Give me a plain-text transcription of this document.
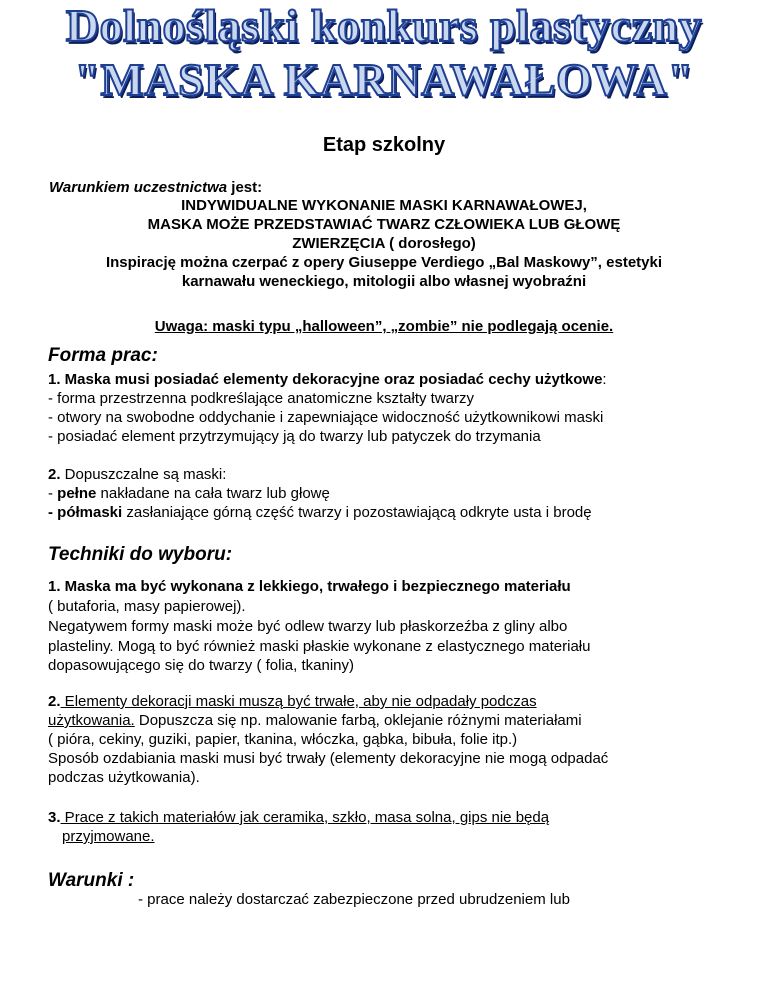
Dolnośląski konkurs plastyczny
"MASKA KARNAWAŁOWA"
Etap szkolny
Warunkiem uczestnictwa jest:
INDYWIDUALNE WYKONANIE MASKI KARNAWAŁOWEJ,
MASKA MOŻE PRZEDSTAWIAĆ TWARZ CZŁOWIEKA LUB GŁOWĘ
ZWIERZĘCIA ( dorosłego)
Inspirację można czerpać z opery Giuseppe Verdiego „Bal Maskowy”, estetyki
karnawału weneckiego, mitologii albo własnej wyobraźni
Uwaga: maski typu „halloween”, „zombie” nie podlegają ocenie.
Forma prac:
1. Maska musi posiadać elementy dekoracyjne oraz posiadać cechy użytkowe:
- forma przestrzenna podkreślające anatomiczne kształty twarzy
- otwory na swobodne oddychanie i zapewniające widoczność użytkownikowi maski
- posiadać element przytrzymujący ją do twarzy lub patyczek do trzymania
2. Dopuszczalne są maski:
- pełne nakładane na cała twarz lub głowę
- półmaski zasłaniające górną część twarzy i pozostawiającą odkryte usta i brodę
Techniki do wyboru:
1. Maska ma być wykonana z lekkiego, trwałego i bezpiecznego materiału
( butaforia, masy papierowej).
Negatywem formy maski może być odlew twarzy lub płaskorzeźba z gliny albo
plasteliny. Mogą to być również maski płaskie wykonane z elastycznego materiału
dopasowującego się do twarzy ( folia, tkaniny)
2. Elementy dekoracji maski muszą być trwałe, aby nie odpadały podczas
użytkowania. Dopuszcza się np. malowanie farbą, oklejanie różnymi materiałami
( pióra, cekiny, guziki, papier, tkanina, włóczka, gąbka, bibuła, folie itp.)
Sposób ozdabiania maski musi być trwały (elementy dekoracyjne nie mogą odpadać
podczas użytkowania).
3. Prace z takich materiałów jak ceramika, szkło, masa solna, gips nie będą
przyjmowane.
Warunki :
- prace należy dostarczać zabezpieczone przed ubrudzeniem lub
